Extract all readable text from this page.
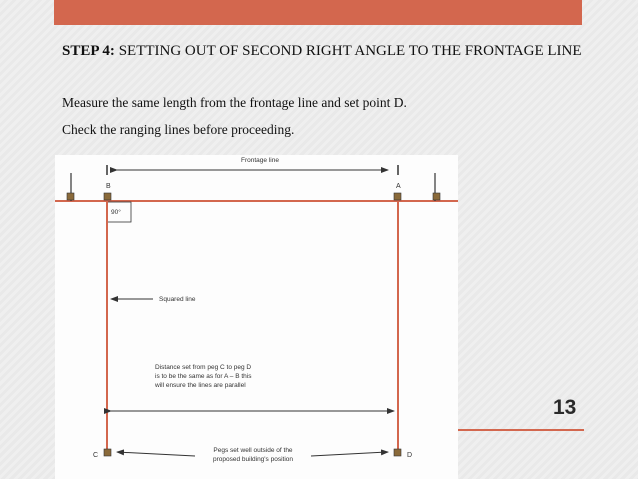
STEP 4: SETTING OUT OF SECOND RIGHT ANGLE TO THE FRONTAGE LINE
Measure the same length from the frontage line and set point D.
Check the ranging lines before proceeding.
Frontage line
B	A
90°
Squared line
Distance set from peg C to peg D
is to be the same as for A – B this
will ensure the lines are parallel
C	D
Pegs set well outside of the
proposed building's position
13
